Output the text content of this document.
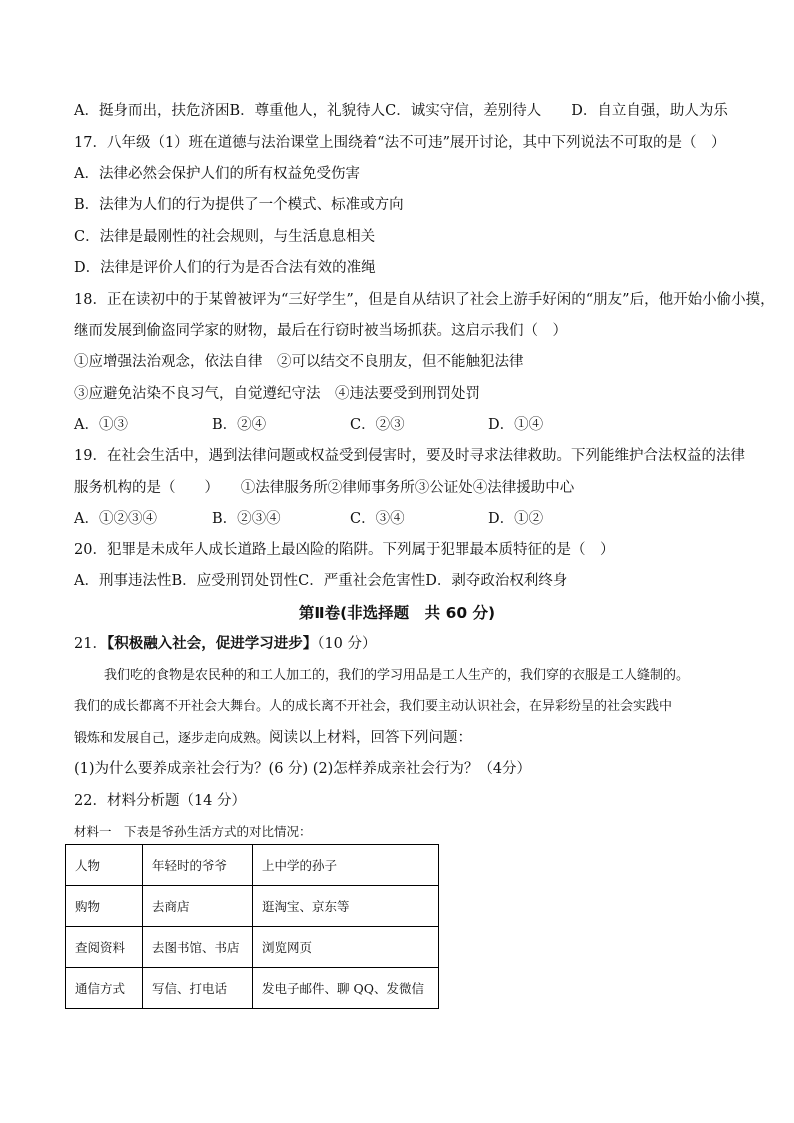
A．挺身而出，扶危济困B．尊重他人，礼貌待人C．诚实守信，差别待人 D．自立自强，助人为乐
17．八年级（1）班在道德与法治课堂上围绕着“法不可违”展开讨论，其中下列说法不可取的是（　）
A．法律必然会保护人们的所有权益免受伤害
B．法律为人们的行为提供了一个模式、标准或方向
C．法律是最刚性的社会规则，与生活息息相关
D．法律是评价人们的行为是否合法有效的准绳
18．正在读初中的于某曾被评为“三好学生”，但是自从结识了社会上游手好闲的“朋友”后，他开始小偷小摸，
继而发展到偷盗同学家的财物，最后在行窃时被当场抓获。这启示我们（　）
①应增强法治观念，依法自律　②可以结交不良朋友，但不能触犯法律
③应避免沾染不良习气，自觉遵纪守法　④违法要受到刑罚处罚
A．①③	B．②④	C．②③	D．①④
19．在社会生活中，遇到法律问题或权益受到侵害时，要及时寻求法律救助。下列能维护合法权益的法律
服务机构的是（　　）　　①法律服务所②律师事务所③公证处④法律援助中心
A．①②③④	B．②③④	C．③④	D．①②
20．犯罪是未成年人成长道路上最凶险的陷阱。下列属于犯罪最本质特征的是（　）
A．刑事违法性B．应受刑罚处罚性C．严重社会危害性D．剥夺政治权利终身
第Ⅱ卷(非选择题　共 60 分)
21．【积极融入社会，促进学习进步】（10 分）
我们吃的食物是农民种的和工人加工的，我们的学习用品是工人生产的，我们穿的衣服是工人缝制的。
我们的成长都离不开社会大舞台。人的成长离不开社会，我们要主动认识社会，在异彩纷呈的社会实践中
锻炼和发展自己，逐步走向成熟。阅读以上材料，回答下列问题：
(1)为什么要养成亲社会行为？(6 分) (2)怎样养成亲社会行为？（4分）
22．材料分析题（14 分）
材料一　下表是爷孙生活方式的对比情况：
人物	年轻时的爷爷	上中学的孙子
购物	去商店	逛淘宝、京东等
查阅资料	去图书馆、书店	浏览网页
通信方式	写信、打电话	发电子邮件、聊 QQ、发微信
